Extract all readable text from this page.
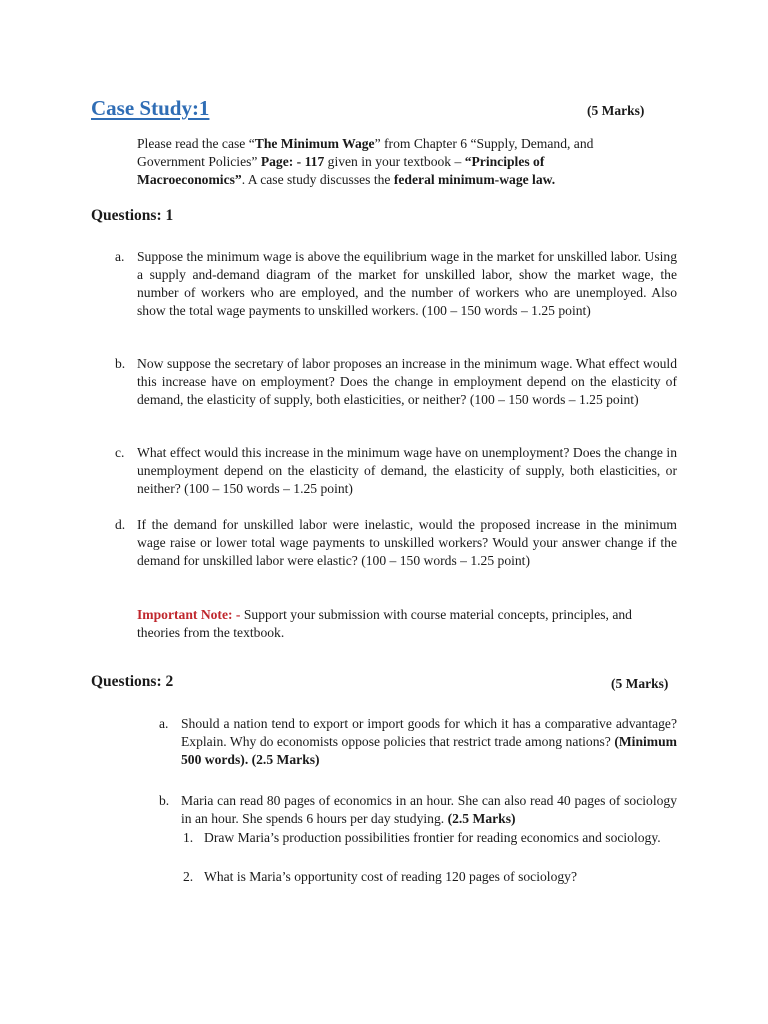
Case Study:1	(5 Marks)
Please read the case “The Minimum Wage” from Chapter 6 “Supply, Demand, and Government Policies” Page: - 117 given in your textbook – “Principles of Macroeconomics”. A case study discusses the federal minimum-wage law.
Questions: 1
a. Suppose the minimum wage is above the equilibrium wage in the market for unskilled labor. Using a supply and-demand diagram of the market for unskilled labor, show the market wage, the number of workers who are employed, and the number of workers who are unemployed. Also show the total wage payments to unskilled workers. (100 – 150 words – 1.25 point)
b. Now suppose the secretary of labor proposes an increase in the minimum wage. What effect would this increase have on employment? Does the change in employment depend on the elasticity of demand, the elasticity of supply, both elasticities, or neither? (100 – 150 words – 1.25 point)
c. What effect would this increase in the minimum wage have on unemployment? Does the change in unemployment depend on the elasticity of demand, the elasticity of supply, both elasticities, or neither? (100 – 150 words – 1.25 point)
d. If the demand for unskilled labor were inelastic, would the proposed increase in the minimum wage raise or lower total wage payments to unskilled workers? Would your answer change if the demand for unskilled labor were elastic? (100 – 150 words – 1.25 point)
Important Note: - Support your submission with course material concepts, principles, and theories from the textbook.
Questions: 2	(5 Marks)
a. Should a nation tend to export or import goods for which it has a comparative advantage? Explain. Why do economists oppose policies that restrict trade among nations? (Minimum 500 words). (2.5 Marks)
b. Maria can read 80 pages of economics in an hour. She can also read 40 pages of sociology in an hour. She spends 6 hours per day studying. (2.5 Marks)
1. Draw Maria’s production possibilities frontier for reading economics and sociology.
2. What is Maria’s opportunity cost of reading 120 pages of sociology?
